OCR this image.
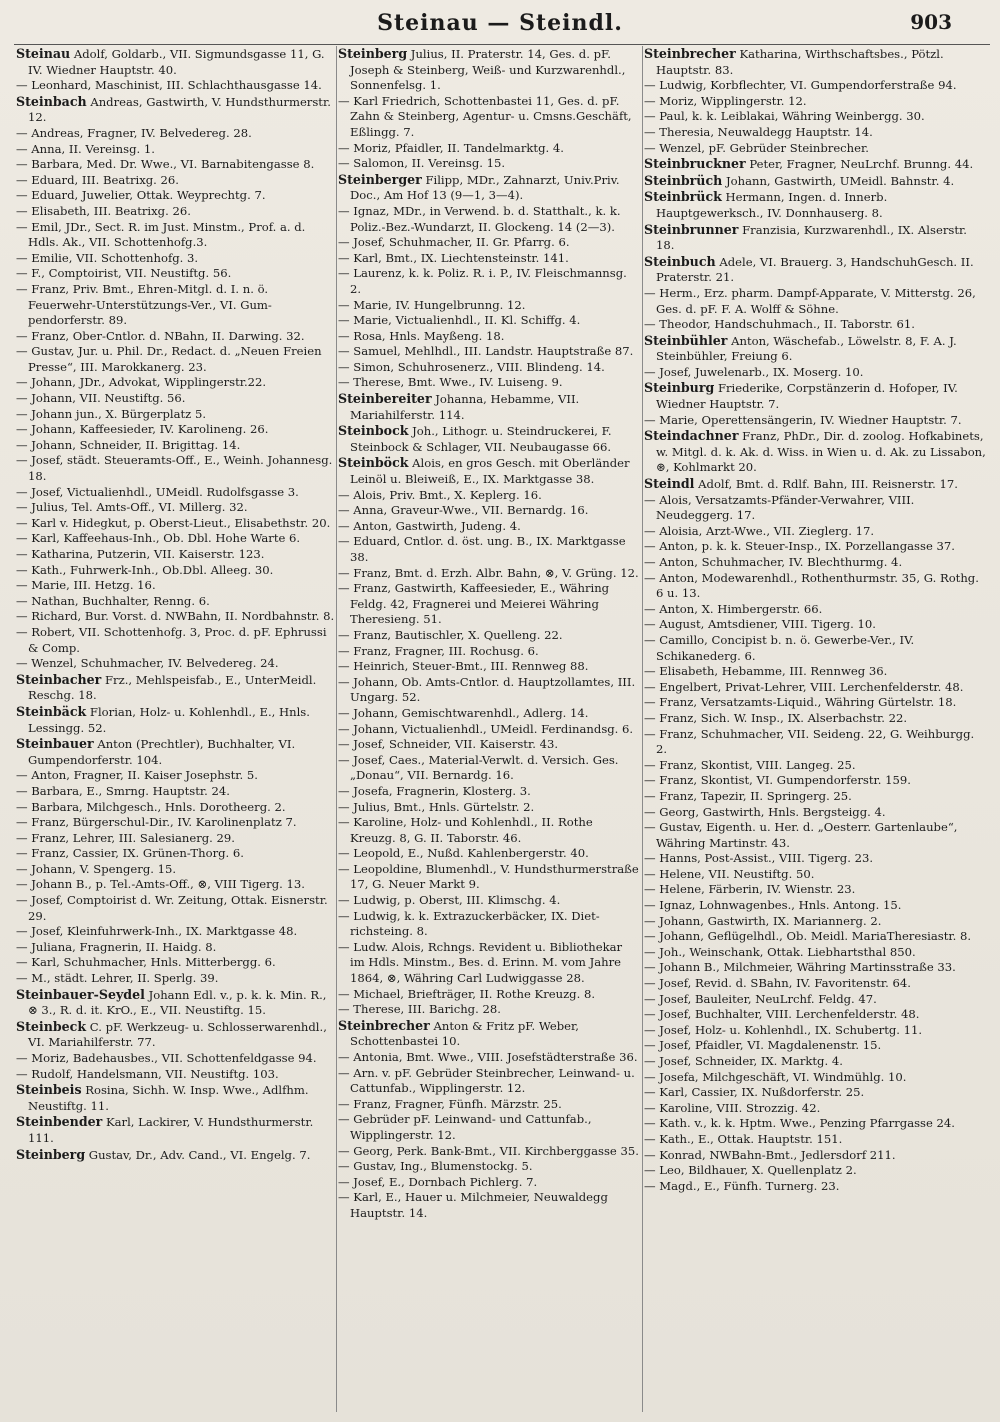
Steinau — Steindl.	903
Steinau Adolf, Goldarb., VII. Sigmundsgasse 11, G. IV. Wiedner Hauptstr. 40.
— Leonhard, Maschinist, III. Schlachthausgasse 14.
Steinbach Andreas, Gastwirth, V. Hundsthurmerstr. 12.
— Andreas, Fragner, IV. Belvedereg. 28.
— Anna, II. Vereinsg. 1.
— Barbara, Med. Dr. Wwe., VI. Barnabitengasse 8.
— Eduard, III. Beatrixg. 26.
— Eduard, Juwelier, Ottak. Weyprechtg. 7.
— Elisabeth, III. Beatrixg. 26.
— Emil, JDr., Sect. R. im Just. Minstm., Prof. a. d. Hdls. Ak., VII. Schottenhofg.3.
— Emilie, VII. Schottenhofg. 3.
— F., Comptoirist, VII. Neustiftg. 56.
— Franz, Priv. Bmt., Ehren-Mitgl. d. I. n. ö. Feuerwehr-Unterstützungs-Ver., VI. Gumpendorferstr. 89.
— Franz, Ober-Cntlor. d. NBahn, II. Darwing. 32.
— Gustav, Jur. u. Phil. Dr., Redact. d. „Neuen Freien Presse“, III. Marokkanerg. 23.
— Johann, JDr., Advokat, Wipplingerstr.22.
— Johann, VII. Neustiftg. 56.
— Johann jun., X. Bürgerplatz 5.
— Johann, Kaffeesieder, IV. Karolineng. 26.
— Johann, Schneider, II. Brigittag. 14.
— Josef, städt. Steueramts-Off., E., Weinh. Johannesg. 18.
— Josef, Victualienhdl., UMeidl. Rudolfsgasse 3.
— Julius, Tel. Amts-Off., VI. Millerg. 32.
— Karl v. Hidegkut, p. Oberst-Lieut., Elisabethstr. 20.
— Karl, Kaffeehaus-Inh., Ob. Dbl. Hohe Warte 6.
— Katharina, Putzerin, VII. Kaiserstr. 123.
— Kath., Fuhrwerk-Inh., Ob.Dbl. Alleeg. 30.
— Marie, III. Hetzg. 16.
— Nathan, Buchhalter, Renng. 6.
— Richard, Bur. Vorst. d. NWBahn, II. Nordbahnstr. 8.
— Robert, VII. Schottenhofg. 3, Proc. d. pF. Ephrussi & Comp.
— Wenzel, Schuhmacher, IV. Belvedereg. 24.
Steinbacher Frz., Mehlspeisfab., E., UnterMeidl. Reschg. 18.
Steinbäck Florian, Holz- u. Kohlenhdl., E., Hnls. Lessingg. 52.
Steinbauer Anton (Prechtler), Buchhalter, VI. Gumpendorferstr. 104.
— Anton, Fragner, II. Kaiser Josephstr. 5.
— Barbara, E., Smrng. Hauptstr. 24.
— Barbara, Milchgesch., Hnls. Dorotheerg. 2.
— Franz, Bürgerschul-Dir., IV. Karolinenplatz 7.
— Franz, Lehrer, III. Salesianerg. 29.
— Franz, Cassier, IX. Grünen-Thorg. 6.
— Johann, V. Spengerg. 15.
— Johann B., p. Tel.-Amts-Off., ⊗, VIII Tigerg. 13.
— Josef, Comptoirist d. Wr. Zeitung, Ottak. Eisnerstr. 29.
— Josef, Kleinfuhrwerk-Inh., IX. Marktgasse 48.
— Juliana, Fragnerin, II. Haidg. 8.
— Karl, Schuhmacher, Hnls. Mitterbergg. 6.
— M., städt. Lehrer, II. Sperlg. 39.
Steinbauer-Seydel Johann Edl. v., p. k. k. Min. R., ⊗ 3., R. d. it. KrO., E., VII. Neustiftg. 15.
Steinbeck C. pF. Werkzeug- u. Schlosserwarenhdl., VI. Mariahilferstr. 77.
— Moriz, Badehausbes., VII. Schottenfeldgasse 94.
— Rudolf, Handelsmann, VII. Neustiftg. 103.
Steinbeis Rosina, Sichh. W. Insp. Wwe., Adlfhm. Neustiftg. 11.
Steinbender Karl, Lackirer, V. Hundsthurmerstr. 111.
Steinberg Gustav, Dr., Adv. Cand., VI. Engelg. 7.
Steinberg Julius, II. Praterstr. 14, Ges. d. pF. Joseph & Steinberg, Weiß- und Kurzwarenhdl., Sonnenfelsg. 1.
— Karl Friedrich, Schottenbastei 11, Ges. d. pF. Zahn & Steinberg, Agentur- u. Cmsns.Geschäft, Eßlingg. 7.
— Moriz, Pfaidler, II. Tandelmarktg. 4.
— Salomon, II. Vereinsg. 15.
Steinberger Filipp, MDr., Zahnarzt, Univ.Priv. Doc., Am Hof 13 (9—1, 3—4).
— Ignaz, MDr., in Verwend. b. d. Statthalt., k. k. Poliz.-Bez.-Wundarzt, II. Glockeng. 14 (2—3).
— Josef, Schuhmacher, II. Gr. Pfarrg. 6.
— Karl, Bmt., IX. Liechtensteinstr. 141.
— Laurenz, k. k. Poliz. R. i. P., IV. Fleischmannsg. 2.
— Marie, IV. Hungelbrunng. 12.
— Marie, Victualienhdl., II. Kl. Schiffg. 4.
— Rosa, Hnls. Mayßeng. 18.
— Samuel, Mehlhdl., III. Landstr. Hauptstraße 87.
— Simon, Schuhrosenerz., VIII. Blindeng. 14.
— Therese, Bmt. Wwe., IV. Luiseng. 9.
Steinbereiter Johanna, Hebamme, VII. Mariahilferstr. 114.
Steinbock Joh., Lithogr. u. Steindruckerei, F. Steinbock & Schlager, VII. Neubaugasse 66.
Steinböck Alois, en gros Gesch. mit Oberländer Leinöl u. Bleiweiß, E., IX. Marktgasse 38.
— Alois, Priv. Bmt., X. Keplerg. 16.
— Anna, Graveur-Wwe., VII. Bernardg. 16.
— Anton, Gastwirth, Judeng. 4.
— Eduard, Cntlor. d. öst. ung. B., IX. Marktgasse 38.
— Franz, Bmt. d. Erzh. Albr. Bahn, ⊗, V. Grüng. 12.
— Franz, Gastwirth, Kaffeesieder, E., Währing Feldg. 42, Fragnerei und Meierei Währing Theresieng. 51.
— Franz, Bautischler, X. Quelleng. 22.
— Franz, Fragner, III. Rochusg. 6.
— Heinrich, Steuer-Bmt., III. Rennweg 88.
— Johann, Ob. Amts-Cntlor. d. Hauptzollamtes, III. Ungarg. 52.
— Johann, Gemischtwarenhdl., Adlerg. 14.
— Johann, Victualienhdl., UMeidl. Ferdinandsg. 6.
— Josef, Schneider, VII. Kaiserstr. 43.
— Josef, Caes., Material-Verwlt. d. Versich. Ges. „Donau“, VII. Bernardg. 16.
— Josefa, Fragnerin, Klosterg. 3.
— Julius, Bmt., Hnls. Gürtelstr. 2.
— Karoline, Holz- und Kohlenhdl., II. Rothe Kreuzg. 8, G. II. Taborstr. 46.
— Leopold, E., Nußd. Kahlenbergerstr. 40.
— Leopoldine, Blumenhdl., V. Hundsthurmerstraße 17, G. Neuer Markt 9.
— Ludwig, p. Oberst, III. Klimschg. 4.
— Ludwig, k. k. Extrazuckerbäcker, IX. Dietrichsteing. 8.
— Ludw. Alois, Rchngs. Revident u. Bibliothekar im Hdls. Minstm., Bes. d. Erinn. M. vom Jahre 1864, ⊗, Währing Carl Ludwiggasse 28.
— Michael, Briefträger, II. Rothe Kreuzg. 8.
— Therese, III. Barichg. 28.
Steinbrecher Anton & Fritz pF. Weber, Schottenbastei 10.
— Antonia, Bmt. Wwe., VIII. Josefstädterstraße 36.
— Arn. v. pF. Gebrüder Steinbrecher, Leinwand- u. Cattunfab., Wipplingerstr. 12.
— Franz, Fragner, Fünfh. Märzstr. 25.
— Gebrüder pF. Leinwand- und Cattunfab., Wipplingerstr. 12.
— Georg, Perk. Bank-Bmt., VII. Kirchberggasse 35.
— Gustav, Ing., Blumenstockg. 5.
— Josef, E., Dornbach Pichlerg. 7.
— Karl, E., Hauer u. Milchmeier, Neuwaldegg Hauptstr. 14.
Steinbrecher Katharina, Wirthschaftsbes., Pötzl. Hauptstr. 83.
— Ludwig, Korbflechter, VI. Gumpendorferstraße 94.
— Moriz, Wipplingerstr. 12.
— Paul, k. k. Leiblakai, Währing Weinbergg. 30.
— Theresia, Neuwaldegg Hauptstr. 14.
— Wenzel, pF. Gebrüder Steinbrecher.
Steinbruckner Peter, Fragner, NeuLrchf. Brunng. 44.
Steinbrüch Johann, Gastwirth, UMeidl. Bahnstr. 4.
Steinbrück Hermann, Ingen. d. Innerb. Hauptgewerksch., IV. Donnhauserg. 8.
Steinbrunner Franzisia, Kurzwarenhdl., IX. Alserstr. 18.
Steinbuch Adele, VI. Brauerg. 3, HandschuhGesch. II. Praterstr. 21.
— Herm., Erz. pharm. Dampf-Apparate, V. Mitterstg. 26, Ges. d. pF. F. A. Wolff & Söhne.
— Theodor, Handschuhmach., II. Taborstr. 61.
Steinbühler Anton, Wäschefab., Löwelstr. 8, F. A. J. Steinbühler, Freiung 6.
— Josef, Juwelenarb., IX. Moserg. 10.
Steinburg Friederike, Corpstänzerin d. Hofoper, IV. Wiedner Hauptstr. 7.
— Marie, Operettensängerin, IV. Wiedner Hauptstr. 7.
Steindachner Franz, PhDr., Dir. d. zoolog. Hofkabinets, w. Mitgl. d. k. Ak. d. Wiss. in Wien u. d. Ak. zu Lissabon, ⊛, Kohlmarkt 20.
Steindl Adolf, Bmt. d. Rdlf. Bahn, III. Reisnerstr. 17.
— Alois, Versatzamts-Pfänder-Verwahrer, VIII. Neudeggerg. 17.
— Aloisia, Arzt-Wwe., VII. Zieglerg. 17.
— Anton, p. k. k. Steuer-Insp., IX. Porzellangasse 37.
— Anton, Schuhmacher, IV. Blechthurmg. 4.
— Anton, Modewarenhdl., Rothenthurmstr. 35, G. Rothg. 6 u. 13.
— Anton, X. Himbergerstr. 66.
— August, Amtsdiener, VIII. Tigerg. 10.
— Camillo, Concipist b. n. ö. Gewerbe-Ver., IV. Schikanederg. 6.
— Elisabeth, Hebamme, III. Rennweg 36.
— Engelbert, Privat-Lehrer, VIII. Lerchenfelderstr. 48.
— Franz, Versatzamts-Liquid., Währing Gürtelstr. 18.
— Franz, Sich. W. Insp., IX. Alserbachstr. 22.
— Franz, Schuhmacher, VII. Seideng. 22, G. Weihburgg. 2.
— Franz, Skontist, VIII. Langeg. 25.
— Franz, Skontist, VI. Gumpendorferstr. 159.
— Franz, Tapezir, II. Springerg. 25.
— Georg, Gastwirth, Hnls. Bergsteigg. 4.
— Gustav, Eigenth. u. Her. d. „Oesterr. Gartenlaube“, Währing Martinstr. 43.
— Hanns, Post-Assist., VIII. Tigerg. 23.
— Helene, VII. Neustiftg. 50.
— Helene, Färberin, IV. Wienstr. 23.
— Ignaz, Lohnwagenbes., Hnls. Antong. 15.
— Johann, Gastwirth, IX. Mariannerg. 2.
— Johann, Geflügelhdl., Ob. Meidl. MariaTheresiastr. 8.
— Joh., Weinschank, Ottak. Liebhartsthal 850.
— Johann B., Milchmeier, Währing Martinsstraße 33.
— Josef, Revid. d. SBahn, IV. Favoritenstr. 64.
— Josef, Bauleiter, NeuLrchf. Feldg. 47.
— Josef, Buchhalter, VIII. Lerchenfelderstr. 48.
— Josef, Holz- u. Kohlenhdl., IX. Schubertg. 11.
— Josef, Pfaidler, VI. Magdalenenstr. 15.
— Josef, Schneider, IX. Marktg. 4.
— Josefa, Milchgeschäft, VI. Windmühlg. 10.
— Karl, Cassier, IX. Nußdorferstr. 25.
— Karoline, VIII. Strozzig. 42.
— Kath. v., k. k. Hptm. Wwe., Penzing Pfarrgasse 24.
— Kath., E., Ottak. Hauptstr. 151.
— Konrad, NWBahn-Bmt., Jedlersdorf 211.
— Leo, Bildhauer, X. Quellenplatz 2.
— Magd., E., Fünfh. Turnerg. 23.
